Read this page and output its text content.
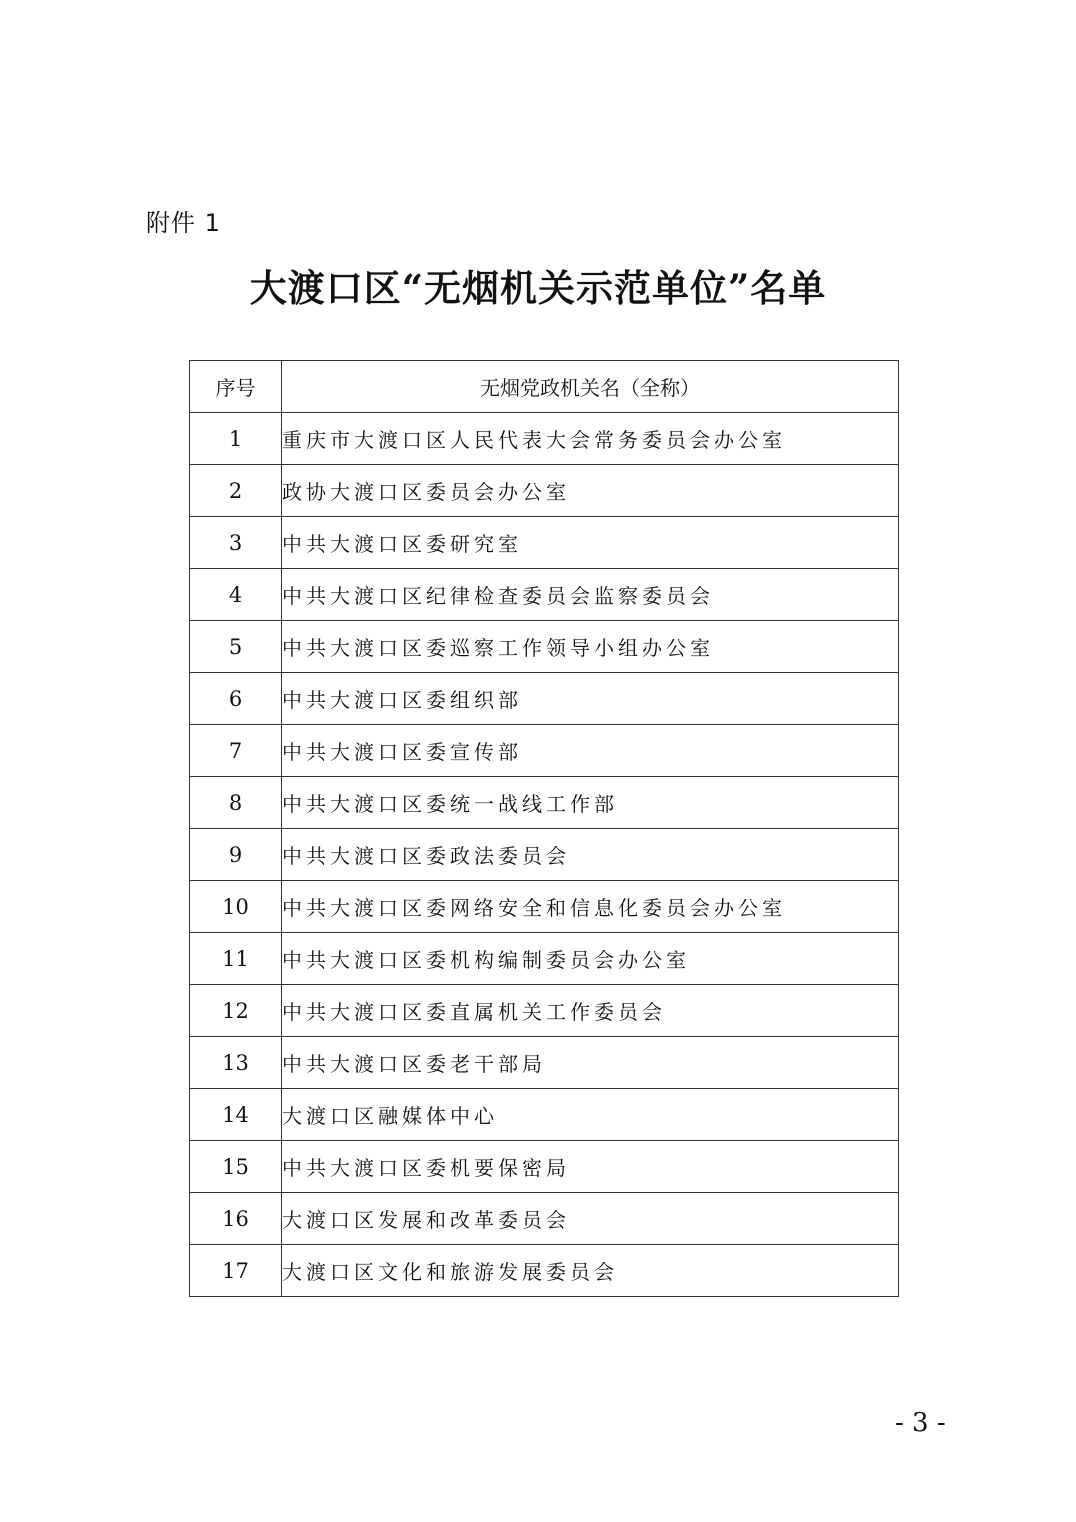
附件 1
大渡口区“无烟机关示范单位”名单
序号	无烟党政机关名（全称）
1	重庆市大渡口区人民代表大会常务委员会办公室
2	政协大渡口区委员会办公室
3	中共大渡口区委研究室
4	中共大渡口区纪律检查委员会监察委员会
5	中共大渡口区委巡察工作领导小组办公室
6	中共大渡口区委组织部
7	中共大渡口区委宣传部
8	中共大渡口区委统一战线工作部
9	中共大渡口区委政法委员会
10	中共大渡口区委网络安全和信息化委员会办公室
11	中共大渡口区委机构编制委员会办公室
12	中共大渡口区委直属机关工作委员会
13	中共大渡口区委老干部局
14	大渡口区融媒体中心
15	中共大渡口区委机要保密局
16	大渡口区发展和改革委员会
17	大渡口区文化和旅游发展委员会
- 3 -
